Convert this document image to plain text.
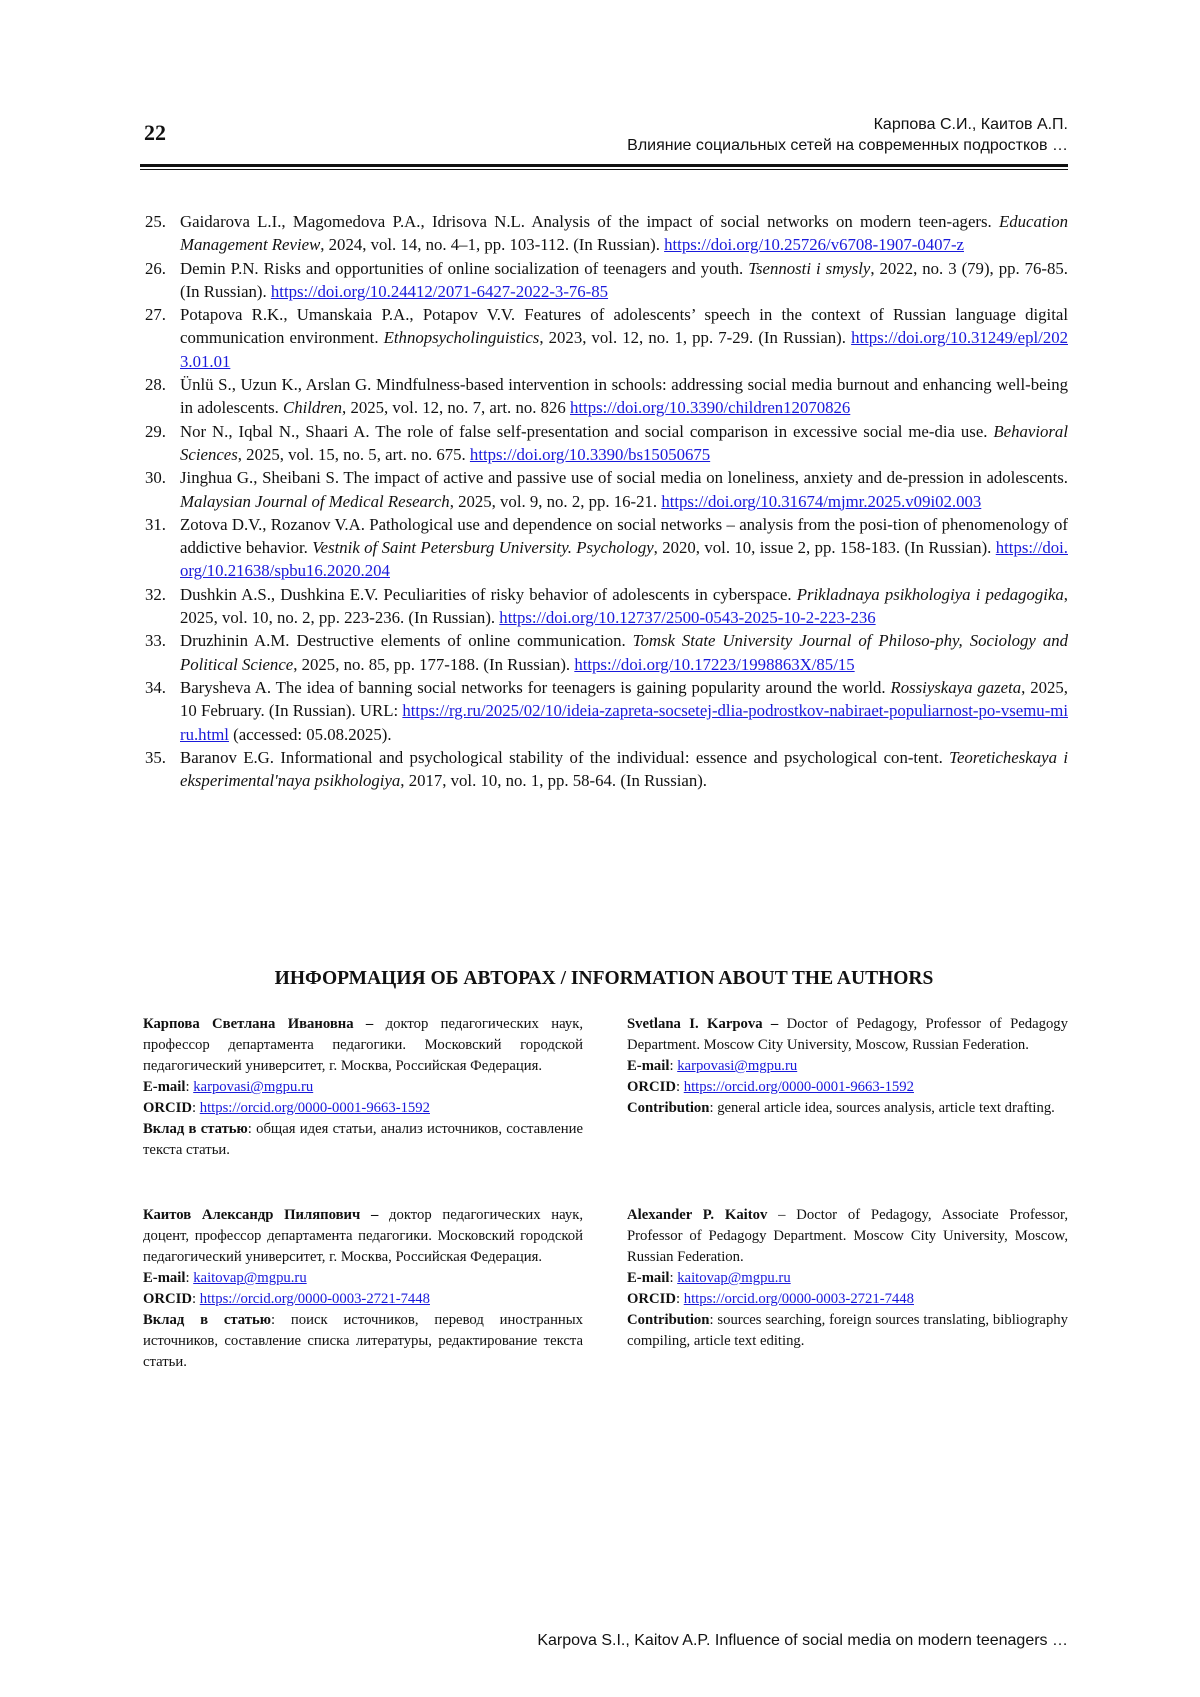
22	Карпова С.И., Каитов А.П.
Влияние социальных сетей на современных подростков …
25. Gaidarova L.I., Magomedova P.A., Idrisova N.L. Analysis of the impact of social networks on modern teen-agers. Education Management Review, 2024, vol. 14, no. 4–1, pp. 103-112. (In Russian). https://doi.org/10.25726/v6708-1907-0407-z
26. Demin P.N. Risks and opportunities of online socialization of teenagers and youth. Tsennosti i smysly, 2022, no. 3 (79), pp. 76-85. (In Russian). https://doi.org/10.24412/2071-6427-2022-3-76-85
27. Potapova R.K., Umanskaia P.A., Potapov V.V. Features of adolescents’ speech in the context of Russian language digital communication environment. Ethnopsycholinguistics, 2023, vol. 12, no. 1, pp. 7-29. (In Russian). https://doi.org/10.31249/epl/2023.01.01
28. Ünlü S., Uzun K., Arslan G. Mindfulness-based intervention in schools: addressing social media burnout and enhancing well-being in adolescents. Children, 2025, vol. 12, no. 7, art. no. 826 https://doi.org/10.3390/children12070826
29. Nor N., Iqbal N., Shaari A. The role of false self-presentation and social comparison in excessive social me-dia use. Behavioral Sciences, 2025, vol. 15, no. 5, art. no. 675. https://doi.org/10.3390/bs15050675
30. Jinghua G., Sheibani S. The impact of active and passive use of social media on loneliness, anxiety and de-pression in adolescents. Malaysian Journal of Medical Research, 2025, vol. 9, no. 2, pp. 16-21. https://doi.org/10.31674/mjmr.2025.v09i02.003
31. Zotova D.V., Rozanov V.A. Pathological use and dependence on social networks – analysis from the posi-tion of phenomenology of addictive behavior. Vestnik of Saint Petersburg University. Psychology, 2020, vol. 10, issue 2, pp. 158-183. (In Russian). https://doi.org/10.21638/spbu16.2020.204
32. Dushkin A.S., Dushkina E.V. Peculiarities of risky behavior of adolescents in cyberspace. Prikladnaya psikhologiya i pedagogika, 2025, vol. 10, no. 2, pp. 223-236. (In Russian). https://doi.org/10.12737/2500-0543-2025-10-2-223-236
33. Druzhinin A.M. Destructive elements of online communication. Tomsk State University Journal of Philoso-phy, Sociology and Political Science, 2025, no. 85, pp. 177-188. (In Russian). https://doi.org/10.17223/1998863X/85/15
34. Barysheva A. The idea of banning social networks for teenagers is gaining popularity around the world. Rossiyskaya gazeta, 2025, 10 February. (In Russian). URL: https://rg.ru/2025/02/10/ideia-zapreta-socsetej-dlia-podrostkov-nabiraet-populiarnost-po-vsemu-miru.html (accessed: 05.08.2025).
35. Baranov E.G. Informational and psychological stability of the individual: essence and psychological con-tent. Teoreticheskaya i eksperimental'naya psikhologiya, 2017, vol. 10, no. 1, pp. 58-64. (In Russian).
ИНФОРМАЦИЯ ОБ АВТОРАХ / INFORMATION ABOUT THE AUTHORS
Карпова Светлана Ивановна – доктор педагогических наук, профессор департамента педагогики. Московский городской педагогический университет, г. Москва, Российская Федерация.
E-mail: karpovasi@mgpu.ru
ORCID: https://orcid.org/0000-0001-9663-1592
Вклад в статью: общая идея статьи, анализ источников, составление текста статьи.
Каитов Александр Пиляпович – доктор педагогических наук, доцент, профессор департамента педагогики. Московский городской педагогический университет, г. Москва, Российская Федерация.
E-mail: kaitovap@mgpu.ru
ORCID: https://orcid.org/0000-0003-2721-7448
Вклад в статью: поиск источников, перевод иностранных источников, составление списка литературы, редактирование текста статьи.
Svetlana I. Karpova – Doctor of Pedagogy, Professor of Pedagogy Department. Moscow City University, Moscow, Russian Federation.
E-mail: karpovasi@mgpu.ru
ORCID: https://orcid.org/0000-0001-9663-1592
Contribution: general article idea, sources analysis, article text drafting.
Alexander P. Kaitov – Doctor of Pedagogy, Associate Professor, Professor of Pedagogy Department. Moscow City University, Moscow, Russian Federation.
E-mail: kaitovap@mgpu.ru
ORCID: https://orcid.org/0000-0003-2721-7448
Contribution: sources searching, foreign sources translating, bibliography compiling, article text editing.
Karpova S.I., Kaitov A.P. Influence of social media on modern teenagers …
